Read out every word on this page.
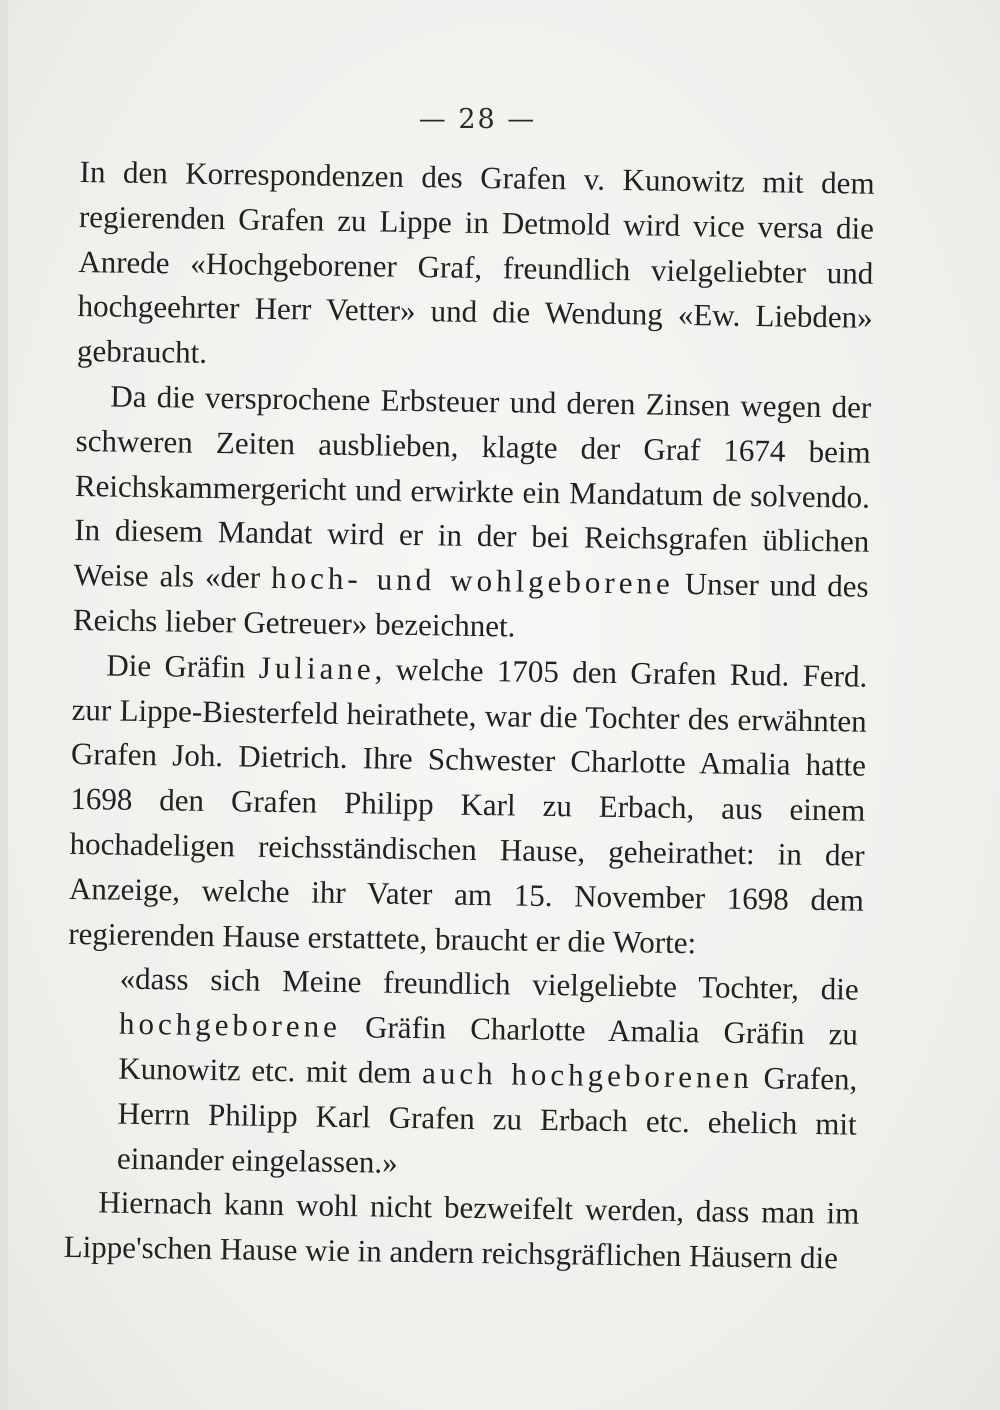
— 28 —

In den Korrespondenzen des Grafen v. Kunowitz mit dem regierenden Grafen zu Lippe in Detmold wird vice versa die Anrede «Hochgeborener Graf, freundlich vielgeliebter und hochgeehrter Herr Vetter» und die Wendung «Ew. Liebden» gebraucht.

Da die versprochene Erbsteuer und deren Zinsen wegen der schweren Zeiten ausblieben, klagte der Graf 1674 beim Reichskammergericht und erwirkte ein Mandatum de solvendo. In diesem Mandat wird er in der bei Reichsgrafen üblichen Weise als «der hoch- und wohlgeborene Unser und des Reichs lieber Getreuer» bezeichnet.

Die Gräfin Juliane, welche 1705 den Grafen Rud. Ferd. zur Lippe-Biesterfeld heirathete, war die Tochter des erwähnten Grafen Joh. Dietrich. Ihre Schwester Charlotte Amalia hatte 1698 den Grafen Philipp Karl zu Erbach, aus einem hochadeligen reichsständischen Hause, geheirathet: in der Anzeige, welche ihr Vater am 15. November 1698 dem regierenden Hause erstattete, braucht er die Worte:

«dass sich Meine freundlich vielgeliebte Tochter, die hochgeborene Gräfin Charlotte Amalia Gräfin zu Kunowitz etc. mit dem auch hochgeborenen Grafen, Herrn Philipp Karl Grafen zu Erbach etc. ehelich mit einander eingelassen.»

Hiernach kann wohl nicht bezweifelt werden, dass man im Lippe'schen Hause wie in andern reichsgräflichen Häusern die
